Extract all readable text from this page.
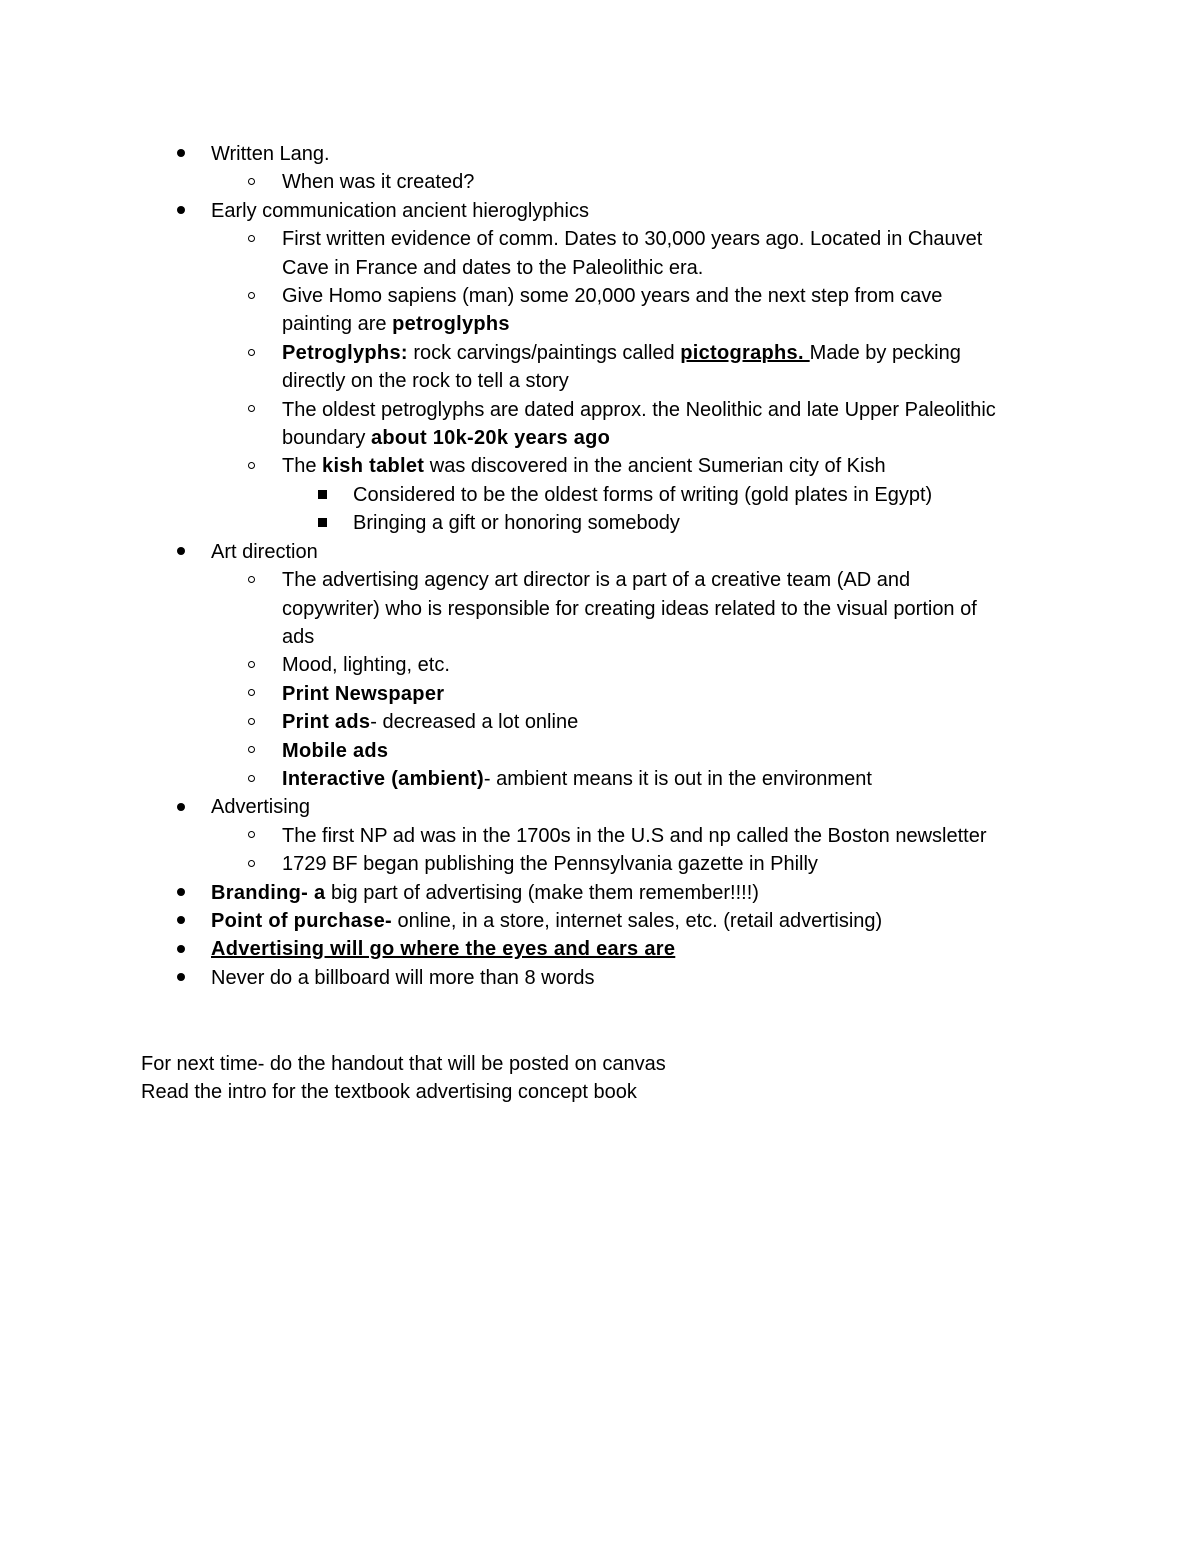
Written Lang.
When was it created?
Early communication ancient hieroglyphics
First written evidence of comm. Dates to 30,000 years ago. Located in Chauvet
Cave in France and dates to the Paleolithic era.
Give Homo sapiens (man) some 20,000 years and the next step from cave
painting are petroglyphs
Petroglyphs: rock carvings/paintings called pictographs. Made by pecking
directly on the rock to tell a story
The oldest petroglyphs are dated approx. the Neolithic and late Upper Paleolithic
boundary about 10k-20k years ago
The kish tablet was discovered in the ancient Sumerian city of Kish
Considered to be the oldest forms of writing (gold plates in Egypt)
Bringing a gift or honoring somebody
Art direction
The advertising agency art director is a part of a creative team (AD and
copywriter) who is responsible for creating ideas related to the visual portion of
ads
Mood, lighting, etc.
Print Newspaper
Print ads- decreased a lot online
Mobile ads
Interactive (ambient)- ambient means it is out in the environment
Advertising
The first NP ad was in the 1700s in the U.S and np called the Boston newsletter
1729 BF began publishing the Pennsylvania gazette in Philly
Branding- a big part of advertising (make them remember!!!!)
Point of purchase- online, in a store, internet sales, etc. (retail advertising)
Advertising will go where the eyes and ears are
Never do a billboard will more than 8 words
For next time- do the handout that will be posted on canvas
Read the intro for the textbook advertising concept book
